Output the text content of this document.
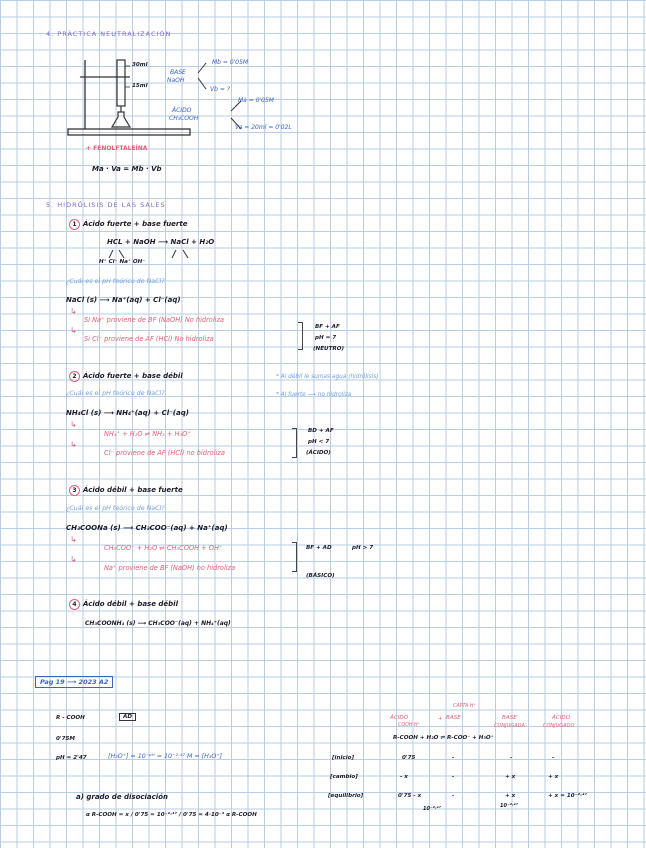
4. PRÁCTICA NEUTRALIZACIÓN
30ml
15ml
BASE
NaOH
Mb = 0'05M
Vb = ?
ÁCIDO
CH₃COOH
Ma = 0'05M
Va = 20ml = 0'02L
+ FENOLFTALEÍNA
Ma · Va = Mb · Vb
5. HIDRÓLISIS DE LAS SALES
1 Ácido fuerte + base fuerte
HCL + NaOH ⟶ NaCl + H₂O
H⁺ Cl⁻ Na⁺ OH⁻
¿Cuál es el pH teórico de NaCl?
NaCl (s) ⟶ Na⁺(aq) + Cl⁻(aq)
↳
Si Na⁺ proviene de BF (NaOH) No hidroliza
↳
Si Cl⁻ proviene de AF (HCl) No hidroliza
BF + AF
pH = 7
(NEUTRO)
2 Ácido fuerte + base débil	* Al débil le sumas agua (hidrólisis)
* Al fuerte ⟶ no hidroliza
¿Cuál es el pH teórico de NaCl?
NH₄Cl (s) ⟶ NH₄⁺(aq) + Cl⁻(aq)
↳
NH₄⁺ + H₂O ⇌ NH₃ + H₃O⁺
↳
Cl⁻ proviene de AF (HCl) no hidroliza
BD + AF
pH < 7
(ÁCIDO)
3 Ácido débil + base fuerte
¿Cuál es el pH teórico de NaCl?
CH₃COONa (s) ⟶ CH₃COO⁻(aq) + Na⁺(aq)
↳
CH₃COO⁻ + H₂O ⇌ CH₃COOH + OH⁻
↳
Na⁺ proviene de BF (NaOH) no hidroliza
BF + AD	pH > 7
(BÁSICO)
4 Ácido débil + base débil
CH₃COONH₄ (s) ⟶ CH₃COO⁻(aq) + NH₄⁺(aq)
Pag 19 ⟶ 2023 A2
R - COOH	AD
0'75M
pH = 2'47	[H₃O⁺] = 10⁻ᵖᴴ = 10⁻²·⁴⁷ M = [H₃O⁺]
a) grado de disociación
α R-COOH = x / 0'75 = 10⁻²·⁴⁷ / 0'75 = 4·10⁻³ α R-COOH
ÁCIDO
COOH H⁺
+ BASE
CAPTA H⁺
BASE
CONJUGADA
ÁCIDO
CONJUGADO
R-COOH + H₂O ⇌ R-COO⁻ + H₃O⁺
[inicio]	0'75	-	-	-
[cambio]	- x	-	+ x	+ x
[equilibrio]	0'75 - x	-	+ x	+ x = 10⁻²·⁴⁷
10⁻²·⁴⁷	10⁻²·⁴⁷
